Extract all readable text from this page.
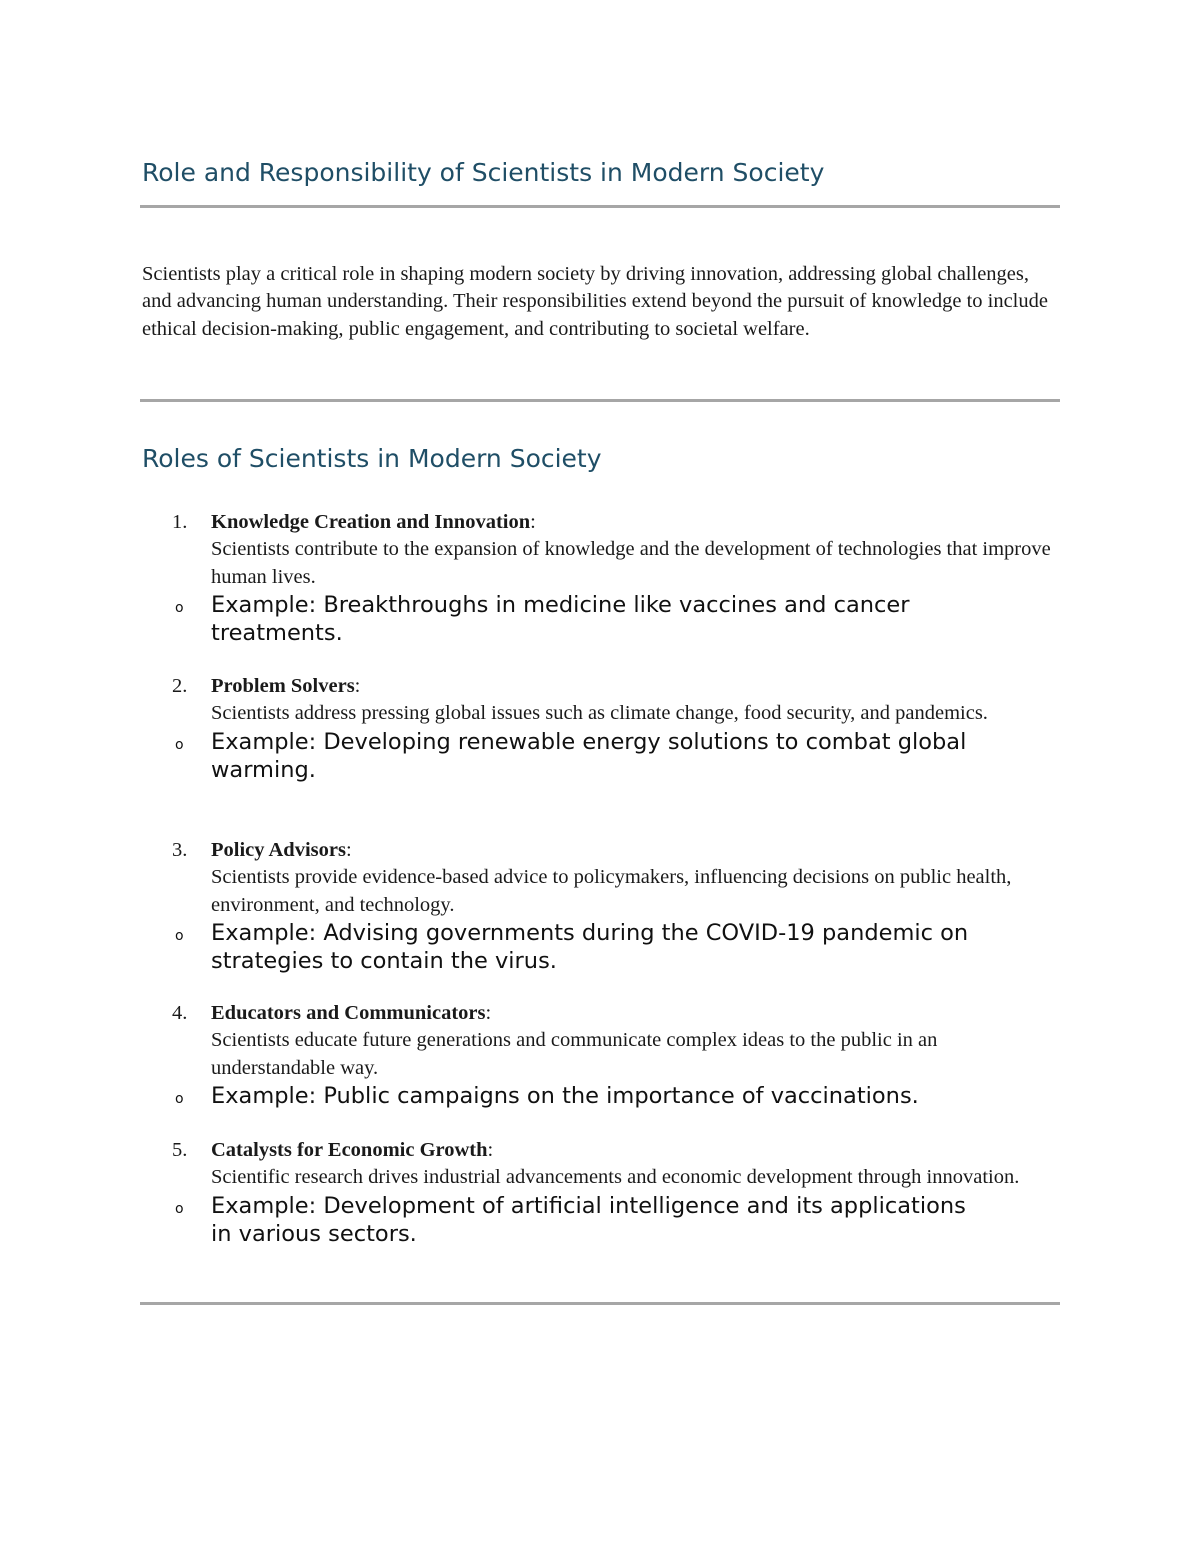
Role and Responsibility of Scientists in Modern Society

Scientists play a critical role in shaping modern society by driving innovation, addressing global challenges, and advancing human understanding. Their responsibilities extend beyond the pursuit of knowledge to include ethical decision-making, public engagement, and contributing to societal welfare.

Roles of Scientists in Modern Society
1.	Knowledge Creation and Innovation:
Scientists contribute to the expansion of knowledge and the development of technologies that improve human lives.
o Example: Breakthroughs in medicine like vaccines and cancer treatments.
2.	Problem Solvers:
Scientists address pressing global issues such as climate change, food security, and pandemics.
o Example: Developing renewable energy solutions to combat global warming.
3.	Policy Advisors:
Scientists provide evidence-based advice to policymakers, influencing decisions on public health, environment, and technology.
o Example: Advising governments during the COVID-19 pandemic on strategies to contain the virus.
4.	Educators and Communicators:
Scientists educate future generations and communicate complex ideas to the public in an understandable way.
o Example: Public campaigns on the importance of vaccinations.
5.	Catalysts for Economic Growth:
Scientific research drives industrial advancements and economic development through innovation.
o Example: Development of artificial intelligence and its applications in various sectors.
